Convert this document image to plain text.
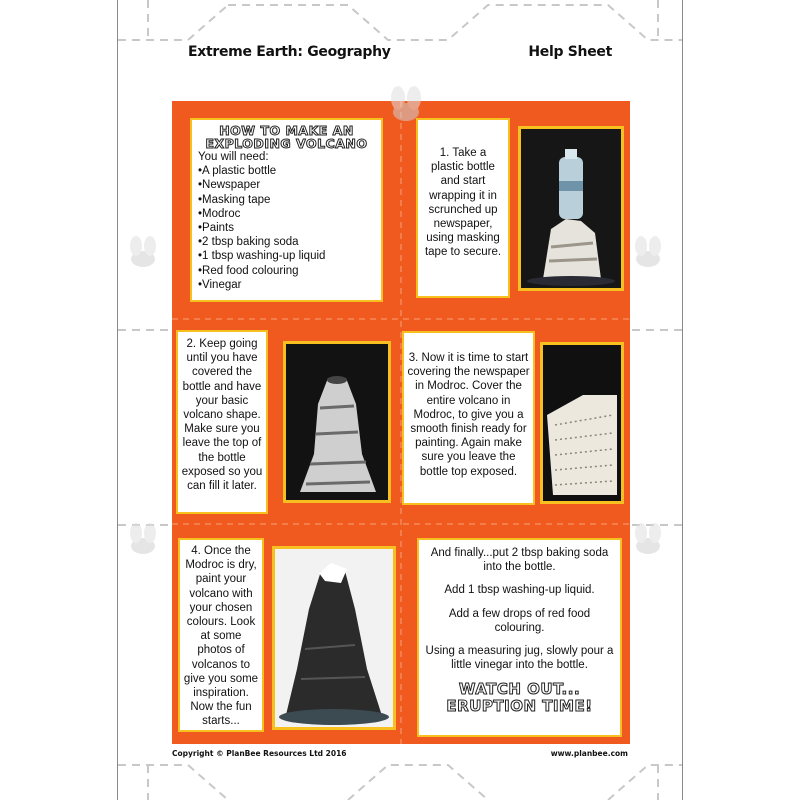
Extreme Earth: Geography	Help Sheet
HOW TO MAKE AN
EXPLODING VOLCANO
You will need:
• A plastic bottle
• Newspaper
• Masking tape
• Modroc
• Paints
• 2 tbsp baking soda
• 1 tbsp washing-up liquid
• Red food colouring
• Vinegar
1. Take a plastic bottle and start wrapping it in scrunched up newspaper, using masking tape to secure.
2. Keep going until you have covered the bottle and have your basic volcano shape. Make sure you leave the top of the bottle exposed so you can fill it later.
3. Now it is time to start covering the newspaper in Modroc. Cover the entire volcano in Modroc, to give you a smooth finish ready for painting. Again make sure you leave the bottle top exposed.
4. Once the Modroc is dry, paint your volcano with your chosen colours. Look at some photos of volcanos to give you some inspiration. Now the fun starts...

And finally...put 2 tbsp baking soda into the bottle.

Add 1 tbsp washing-up liquid.

Add a few drops of red food colouring.

Using a measuring jug, slowly pour a little vinegar into the bottle.

WATCH OUT...
ERUPTION TIME!
Copyright © PlanBee Resources Ltd 2016	www.planbee.com
